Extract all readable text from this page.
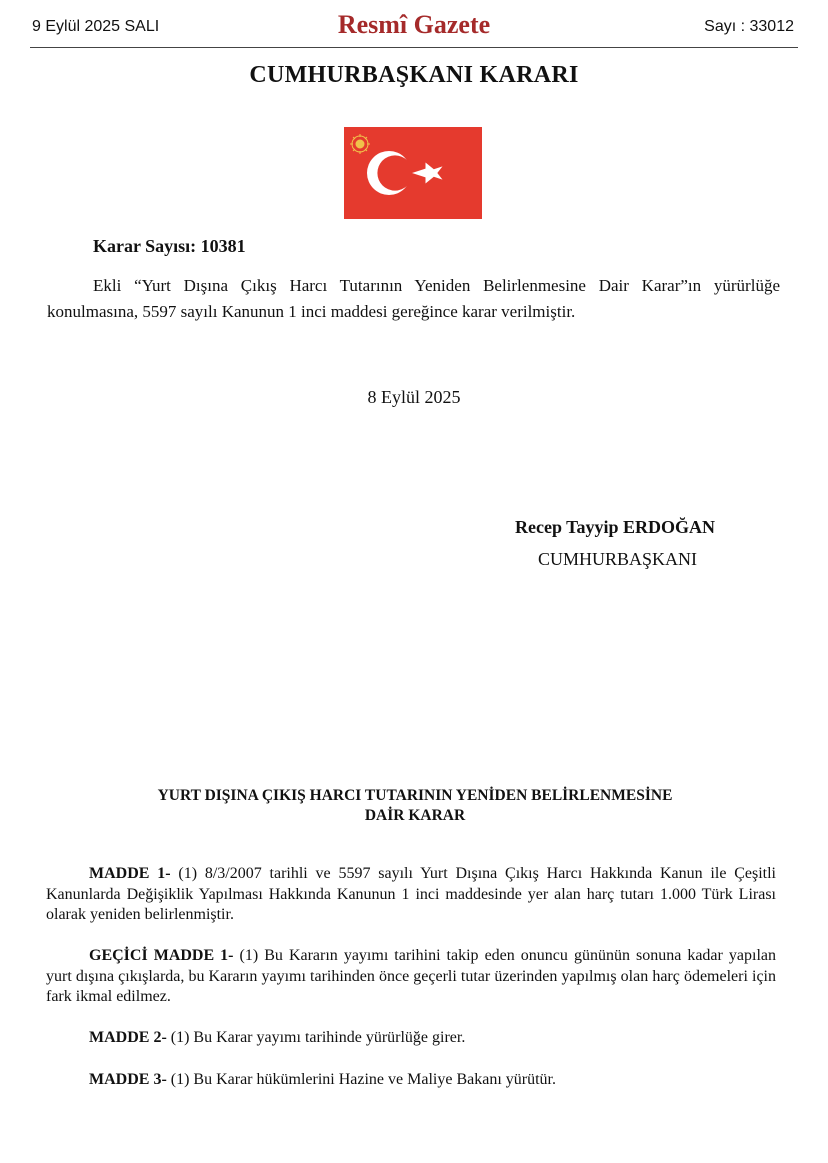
9 Eylül 2025 SALI	Resmî Gazete	Sayı : 33012
CUMHURBAŞKANI KARARI
Karar Sayısı: 10381
Ekli “Yurt Dışına Çıkış Harcı Tutarının Yeniden Belirlenmesine Dair Karar”ın yürürlüğe konulmasına, 5597 sayılı Kanunun 1 inci maddesi gereğince karar verilmiştir.
8 Eylül 2025
Recep Tayyip ERDOĞAN
CUMHURBAŞKANI
YURT DIŞINA ÇIKIŞ HARCI TUTARININ YENİDEN BELİRLENMESİNE
DAİR KARAR
MADDE 1- (1) 8/3/2007 tarihli ve 5597 sayılı Yurt Dışına Çıkış Harcı Hakkında Kanun ile Çeşitli Kanunlarda Değişiklik Yapılması Hakkında Kanunun 1 inci maddesinde yer alan harç tutarı 1.000 Türk Lirası olarak yeniden belirlenmiştir.
GEÇİCİ MADDE 1- (1) Bu Kararın yayımı tarihini takip eden onuncu gününün sonuna kadar yapılan yurt dışına çıkışlarda, bu Kararın yayımı tarihinden önce geçerli tutar üzerinden yapılmış olan harç ödemeleri için fark ikmal edilmez.
MADDE 2- (1) Bu Karar yayımı tarihinde yürürlüğe girer.
MADDE 3- (1) Bu Karar hükümlerini Hazine ve Maliye Bakanı yürütür.
